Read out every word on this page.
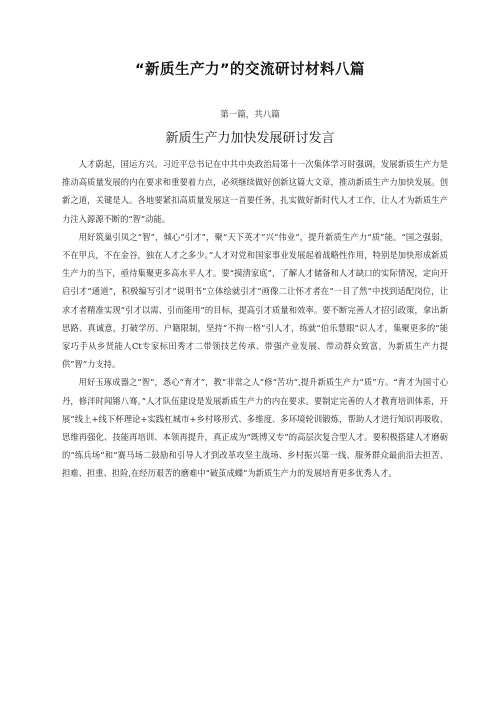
“新质生产力”的交流研讨材料八篇
第一篇，共八篇
新质生产力加快发展研讨发言

人才蔚起，国运方兴。习近平总书记在中共中央政治局第十一次集体学习时强调，发展新质生产力是推动高质量发展的内在要求和重要着力点，必须继续做好创新这篇大文章，推动新质生产力加快发展。创新之道，关键是人。各地要紧扣高质量发展这一首要任务，扎实做好新时代人才工作，让人才为新质生产力注入源源不断的“智”动能。

用好筑巢引凤之“智”，倾心“引才”，聚“天下英才”兴“伟业”，提升新质生产力“质”能。“国之强弱，不在甲兵，不在金谷，独在人才之多少。”人才对党和国家事业发展起着战略性作用，特别是加快形成新质生产力的当下，亟待集聚更多高水平人才。要“摸清家底”，了解人才储备和人才缺口的实际情况，定向开启引才“通道”，积极编写引才“说明书”立体绘就引才“画像二让怀才者在“一目了然”中找到适配岗位，让求才者精准实现“引才以需、引而能用”的目标，提高引才质量和效率。要不断完善人才招引政策，拿出新思路、真诚意，打破学历、户籍限制，坚持“不拘一格”引人才，练就“伯乐慧眼”识人才，集聚更多的“能家巧手从乡贤能人Ct专家标田秀才二带领技艺传承、带强产业发展、带动群众致富，为新质生产力提供“智”力支持。

用好玉琢成器之“智”，悉心“育才”，教“非常之人”修“苦功”,提升新质生产力“质”方。“育才为国寸心丹，修泮时闻锵八骞。”人才队伍建设是发展新质生产力的内在要求。要制定完善的人才教育培训体系，开展“线上+线下杯理论+实践杠城市+乡村哆形式、多维度、多环境轮训锻炼，帮助人才进行知识再吸收、思维再强化、技能再培训、本领再提升，真正成为“既博又专”的高层次复合型人才。要积极搭建人才磨砺的“练兵场”和“赛马场二鼓励和引导人才到改革攻坚主战场、乡村振兴第一线、服务群众最前沿去担苦、担难、担重、担险,在经历艰苦的磨难中“破茧成蝶”为新质生产力的发展培育更多优秀人才。
